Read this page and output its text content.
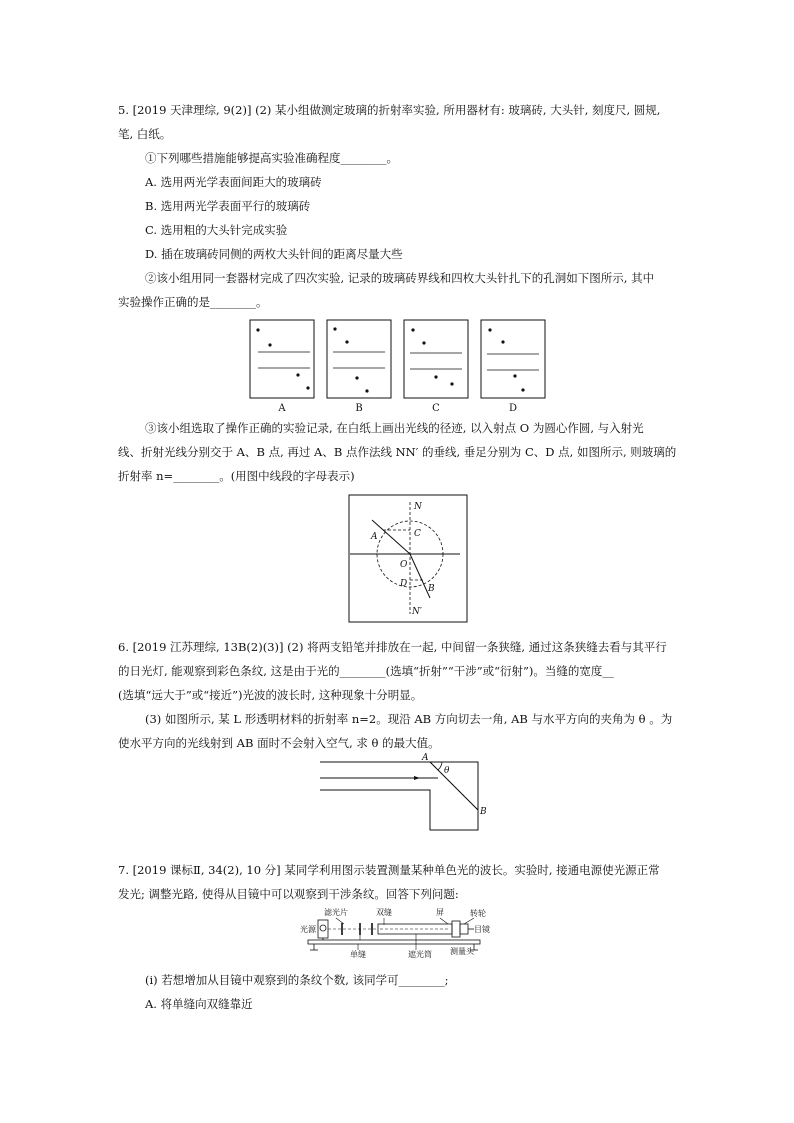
5. [2019 天津理综, 9(2)] (2) 某小组做测定玻璃的折射率实验, 所用器材有: 玻璃砖, 大头针, 刻度尺, 圆规,
笔, 白纸。
①下列哪些措施能够提高实验准确程度________。
A. 选用两光学表面间距大的玻璃砖
B. 选用两光学表面平行的玻璃砖
C. 选用粗的大头针完成实验
D. 插在玻璃砖同侧的两枚大头针间的距离尽量大些
②该小组用同一套器材完成了四次实验, 记录的玻璃砖界线和四枚大头针扎下的孔洞如下图所示, 其中
实验操作正确的是________。
A	B	C	D
③该小组选取了操作正确的实验记录, 在白纸上画出光线的径迹, 以入射点 O 为圆心作圆, 与入射光
线、折射光线分别交于 A、B 点, 再过 A、B 点作法线 NN′ 的垂线, 垂足分别为 C、D 点, 如图所示, 则玻璃的
折射率 n=________。(用图中线段的字母表示)
N
C
A
O
D B
N′
6. [2019 江苏理综, 13B(2)(3)] (2) 将两支铅笔并排放在一起, 中间留一条狭缝, 通过这条狭缝去看与其平行
的日光灯, 能观察到彩色条纹, 这是由于光的________(选填“折射”“干涉”或“衍射”)。当缝的宽度__
(选填“远大于”或“接近”)光波的波长时, 这种现象十分明显。
(3) 如图所示, 某 L 形透明材料的折射率 n=2。现沿 AB 方向切去一角, AB 与水平方向的夹角为 θ 。为
使水平方向的光线射到 AB 面时不会射入空气, 求 θ 的最大值。
A
θ
B
7. [2019 课标Ⅱ, 34(2), 10 分] 某同学利用图示装置测量某种单色光的波长。实验时, 接通电源使光源正常
发光; 调整光路, 使得从目镜中可以观察到干涉条纹。回答下列问题:
滤光片	双缝	屏	转轮
光源	目镜
单缝	遮光筒 测量头
(ⅰ) 若想增加从目镜中观察到的条纹个数, 该同学可________;
A. 将单缝向双缝靠近
